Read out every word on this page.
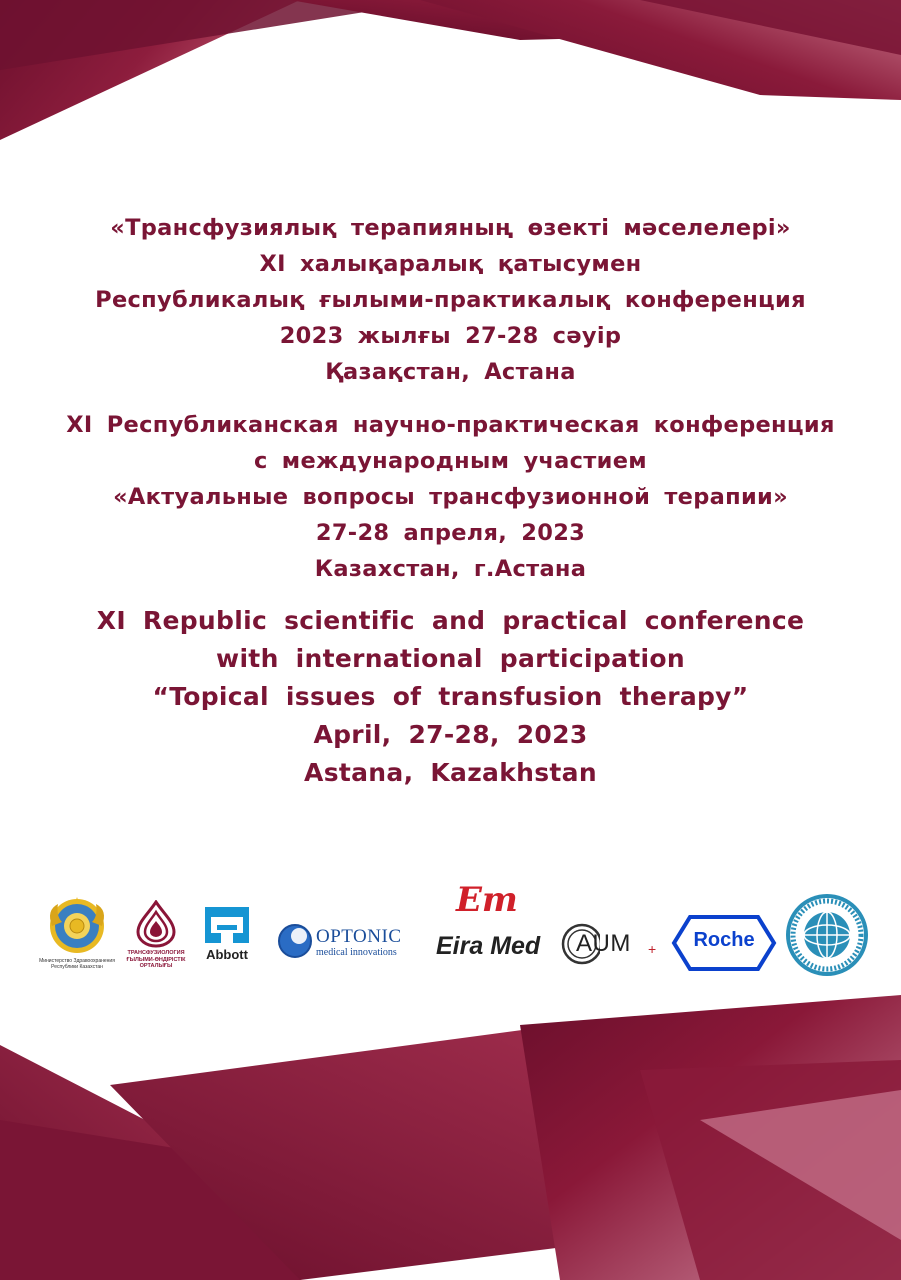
«Трансфузиялық терапияның өзекті мәселелері»
XI халықаралық қатысумен
Республикалық ғылыми-практикалық конференция
2023 жылғы 27-28 сәуір
Қазақстан, Астана
XI Республиканская научно-практическая конференция
с международным участием
«Актуальные вопросы трансфузионной терапии»
27-28 апреля, 2023
Казахстан, г.Астана
XI Republic scientific and practical conference
with international participation
“Topical issues of transfusion therapy”
April, 27-28, 2023
Astana, Kazakhstan
Министерство Здравоохранения Республики Казахстан
ТРАНСФУЗИОЛОГИЯ ҒЫЛЫМИ-ӨНДІРІСТІК ОРТАЛЫҒЫ
Abbott
OPTONIC
medical innovations
Em
Eira Med AUM +	Roche
